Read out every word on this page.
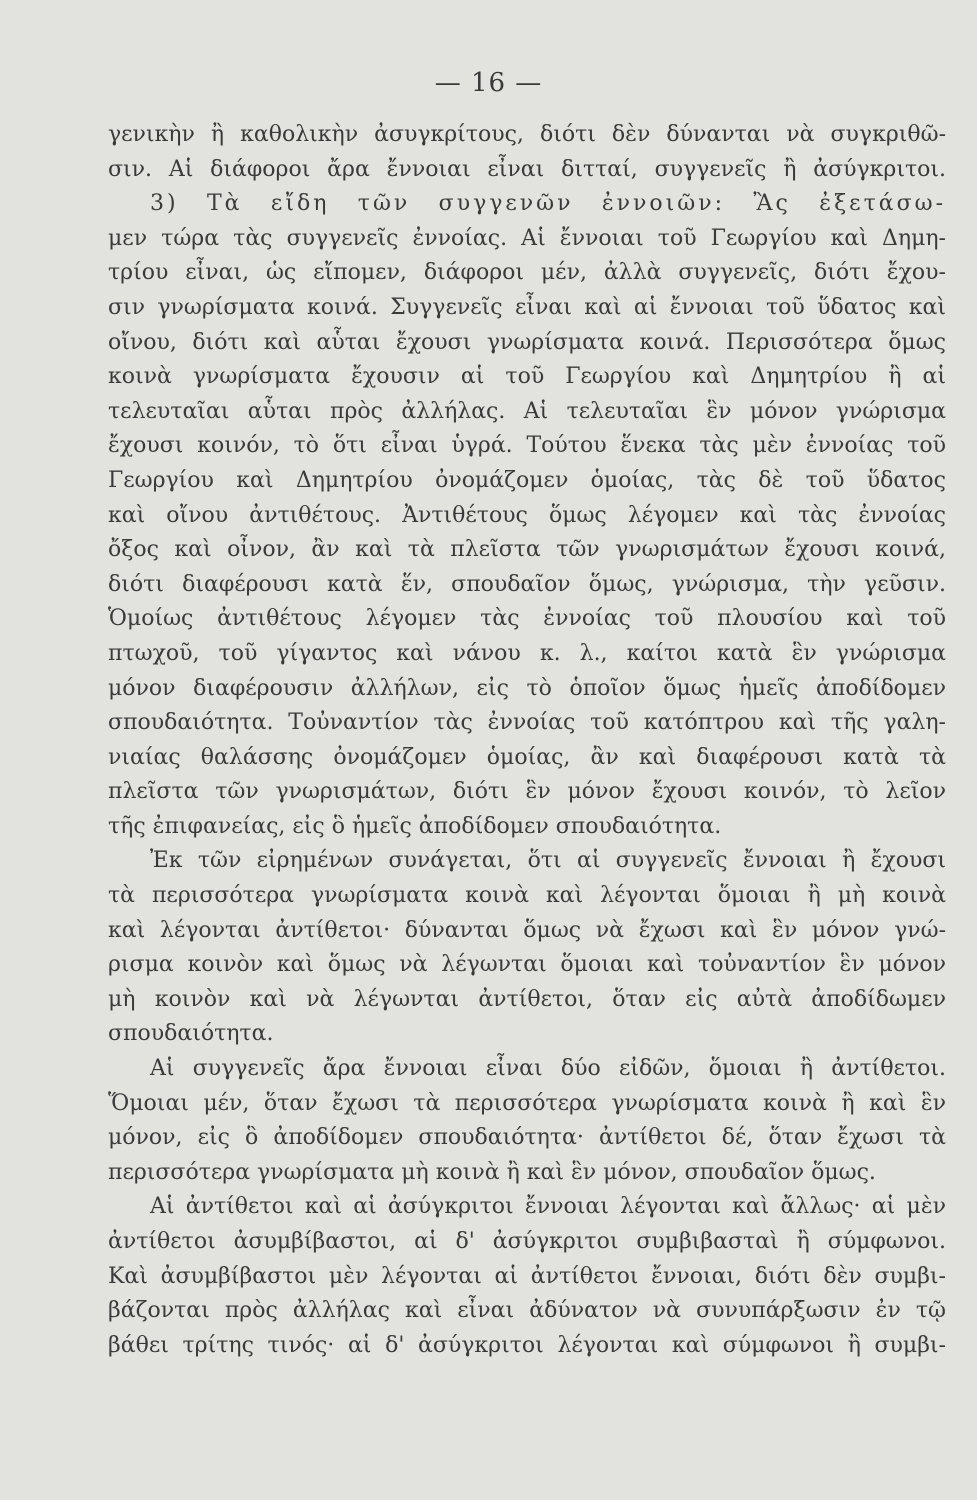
— 16 —
γενικὴν ἢ καθολικὴν ἀσυγκρίτους, διότι δὲν δύνανται νὰ συγκριθῶ-
σιν. Αἱ διάφοροι ἄρα ἔννοιαι εἶναι διτταί, συγγενεῖς ἢ ἀσύγκριτοι.
3) Τὰ εἴδη τῶν συγγενῶν ἐννοιῶν: Ἂς ἐξετάσω-
μεν τώρα τὰς συγγενεῖς ἐννοίας. Αἱ ἔννοιαι τοῦ Γεωργίου καὶ Δημη-
τρίου εἶναι, ὡς εἴπομεν, διάφοροι μέν, ἀλλὰ συγγενεῖς, διότι ἔχου-
σιν γνωρίσματα κοινά. Συγγενεῖς εἶναι καὶ αἱ ἔννοιαι τοῦ ὕδατος καὶ
οἴνου, διότι καὶ αὗται ἔχουσι γνωρίσματα κοινά. Περισσότερα ὅμως
κοινὰ γνωρίσματα ἔχουσιν αἱ τοῦ Γεωργίου καὶ Δημητρίου ἢ αἱ
τελευταῖαι αὗται πρὸς ἀλλήλας. Αἱ τελευταῖαι ἓν μόνον γνώρισμα
ἔχουσι κοινόν, τὸ ὅτι εἶναι ὑγρά. Τούτου ἕνεκα τὰς μὲν ἐννοίας τοῦ
Γεωργίου καὶ Δημητρίου ὀνομάζομεν ὁμοίας, τὰς δὲ τοῦ ὕδατος
καὶ οἴνου ἀντιθέτους. Ἀντιθέτους ὅμως λέγομεν καὶ τὰς ἐννοίας
ὄξος καὶ οἶνον, ἂν καὶ τὰ πλεῖστα τῶν γνωρισμάτων ἔχουσι κοινά,
διότι διαφέρουσι κατὰ ἕν, σπουδαῖον ὅμως, γνώρισμα, τὴν γεῦσιν.
Ὁμοίως ἀντιθέτους λέγομεν τὰς ἐννοίας τοῦ πλουσίου καὶ τοῦ
πτωχοῦ, τοῦ γίγαντος καὶ νάνου κ. λ., καίτοι κατὰ ἓν γνώρισμα
μόνον διαφέρουσιν ἀλλήλων, εἰς τὸ ὁποῖον ὅμως ἡμεῖς ἀποδίδομεν
σπουδαιότητα. Τοὐναντίον τὰς ἐννοίας τοῦ κατόπτρου καὶ τῆς γαλη-
νιαίας θαλάσσης ὀνομάζομεν ὁμοίας, ἂν καὶ διαφέρουσι κατὰ τὰ
πλεῖστα τῶν γνωρισμάτων, διότι ἓν μόνον ἔχουσι κοινόν, τὸ λεῖον
τῆς ἐπιφανείας, εἰς ὃ ἡμεῖς ἀποδίδομεν σπουδαιότητα.
Ἐκ τῶν εἰρημένων συνάγεται, ὅτι αἱ συγγενεῖς ἔννοιαι ἢ ἔχουσι
τὰ περισσότερα γνωρίσματα κοινὰ καὶ λέγονται ὅμοιαι ἢ μὴ κοινὰ
καὶ λέγονται ἀντίθετοι· δύνανται ὅμως νὰ ἔχωσι καὶ ἓν μόνον γνώ-
ρισμα κοινὸν καὶ ὅμως νὰ λέγωνται ὅμοιαι καὶ τοὐναντίον ἓν μόνον
μὴ κοινὸν καὶ νὰ λέγωνται ἀντίθετοι, ὅταν εἰς αὐτὰ ἀποδίδωμεν
σπουδαιότητα.
Αἱ συγγενεῖς ἄρα ἔννοιαι εἶναι δύο εἰδῶν, ὅμοιαι ἢ ἀντίθετοι.
Ὅμοιαι μέν, ὅταν ἔχωσι τὰ περισσότερα γνωρίσματα κοινὰ ἢ καὶ ἓν
μόνον, εἰς ὃ ἀποδίδομεν σπουδαιότητα· ἀντίθετοι δέ, ὅταν ἔχωσι τὰ
περισσότερα γνωρίσματα μὴ κοινὰ ἢ καὶ ἓν μόνον, σπουδαῖον ὅμως.
Αἱ ἀντίθετοι καὶ αἱ ἀσύγκριτοι ἔννοιαι λέγονται καὶ ἄλλως· αἱ μὲν
ἀντίθετοι ἀσυμβίβαστοι, αἱ δ' ἀσύγκριτοι συμβιβασταὶ ἢ σύμφωνοι.
Καὶ ἀσυμβίβαστοι μὲν λέγονται αἱ ἀντίθετοι ἔννοιαι, διότι δὲν συμβι-
βάζονται πρὸς ἀλλήλας καὶ εἶναι ἀδύνατον νὰ συνυπάρξωσιν ἐν τῷ
βάθει τρίτης τινός· αἱ δ' ἀσύγκριτοι λέγονται καὶ σύμφωνοι ἢ συμβι-
